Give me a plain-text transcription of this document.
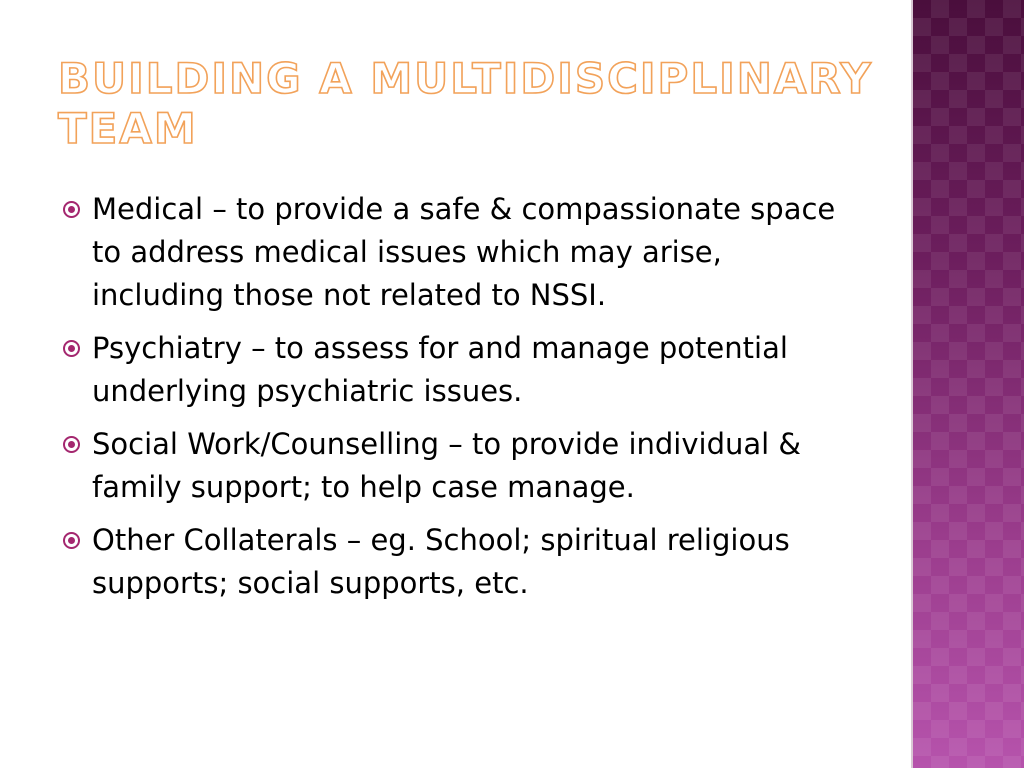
BUILDING A MULTIDISCIPLINARY TEAM
Medical – to provide a safe & compassionate space to address medical issues which may arise, including those not related to NSSI.
Psychiatry – to assess for and manage potential underlying psychiatric issues.
Social Work/Counselling – to provide individual & family support; to help case manage.
Other Collaterals – eg. School; spiritual religious supports; social supports, etc.
